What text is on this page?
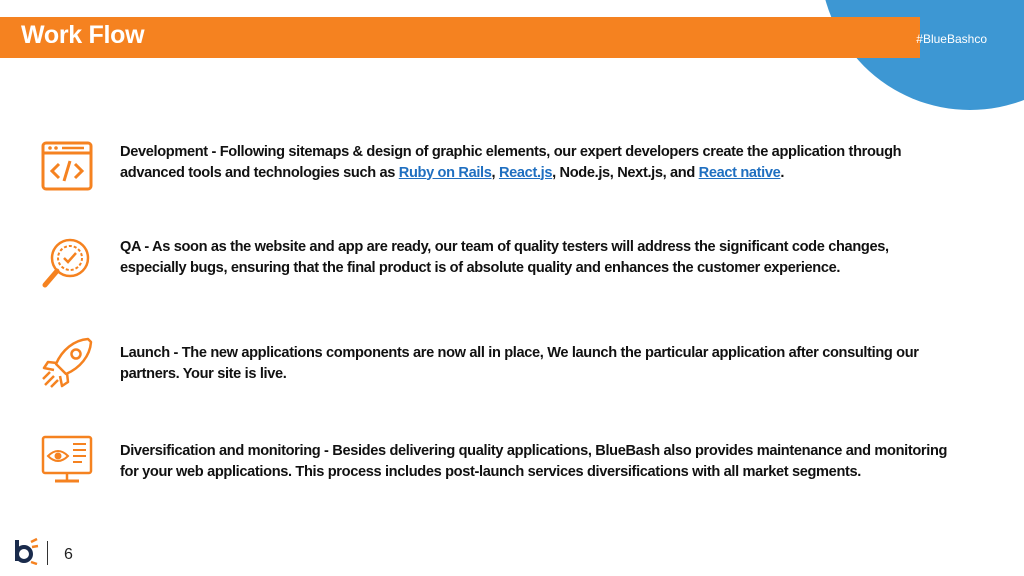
Work Flow	#BlueBashco
Development - Following sitemaps & design of graphic elements, our expert developers create the application through advanced tools and technologies such as Ruby on Rails, React.js, Node.js, Next.js, and React native.
QA - As soon as the website and app are ready, our team of quality testers will address the significant code changes, especially bugs, ensuring that the final product is of absolute quality and enhances the customer experience.
Launch - The new applications components are now all in place, We launch the particular application after consulting our partners. Your site is live.
Diversification and monitoring - Besides delivering quality applications, BlueBash also provides maintenance and monitoring for your web applications. This process includes post-launch services diversifications with all market segments.
6
